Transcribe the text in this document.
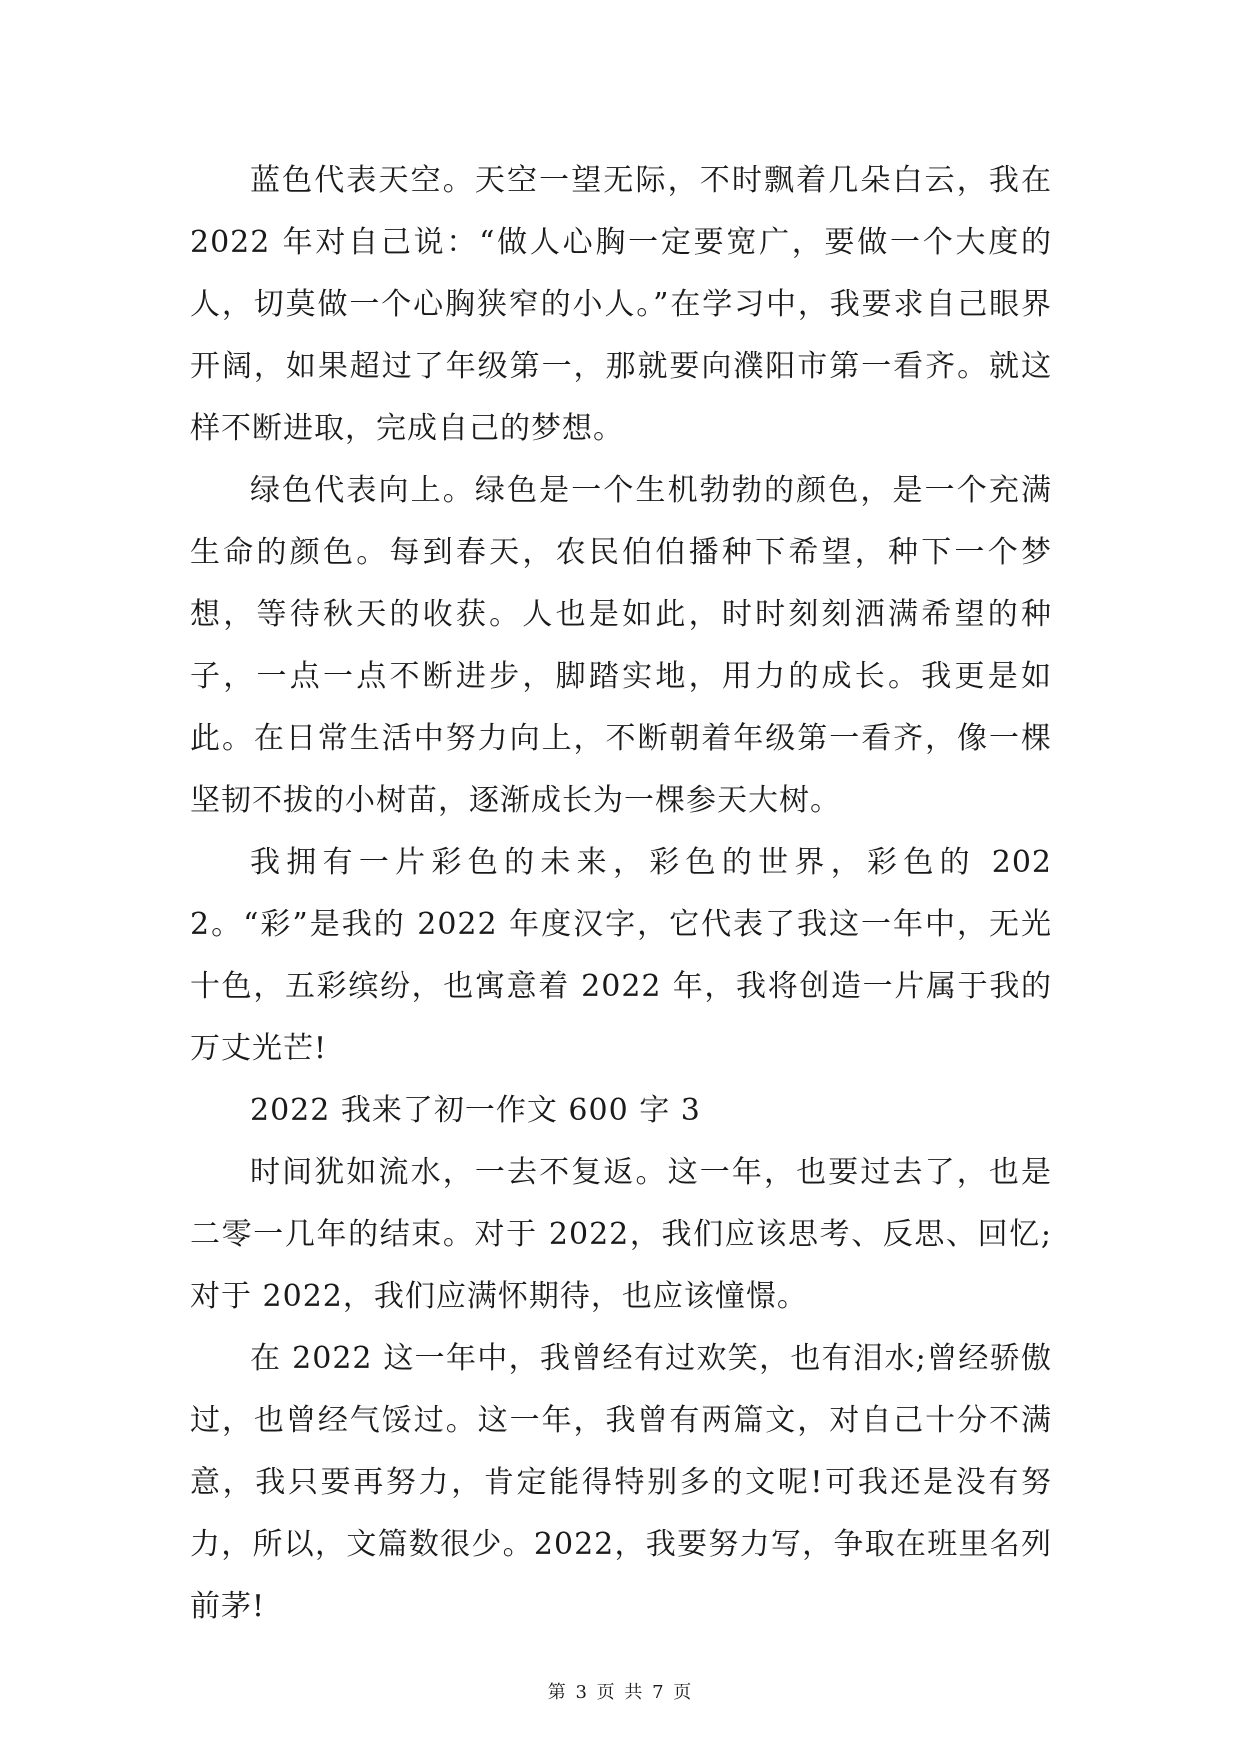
蓝色代表天空。天空一望无际，不时飘着几朵白云，我在 2022 年对自己说：“做人心胸一定要宽广，要做一个大度的人，切莫做一个心胸狭窄的小人。”在学习中，我要求自己眼界开阔，如果超过了年级第一，那就要向濮阳市第一看齐。就这样不断进取，完成自己的梦想。

绿色代表向上。绿色是一个生机勃勃的颜色，是一个充满生命的颜色。每到春天，农民伯伯播种下希望，种下一个梦想，等待秋天的收获。人也是如此，时时刻刻洒满希望的种子，一点一点不断进步，脚踏实地，用力的成长。我更是如此。在日常生活中努力向上，不断朝着年级第一看齐，像一棵坚韧不拔的小树苗，逐渐成长为一棵参天大树。

我拥有一片彩色的未来，彩色的世界，彩色的 2022。“彩”是我的 2022 年度汉字，它代表了我这一年中，无光十色，五彩缤纷，也寓意着 2022 年，我将创造一片属于我的万丈光芒!

2022 我来了初一作文 600 字 3

时间犹如流水，一去不复返。这一年，也要过去了，也是二零一几年的结束。对于 2022，我们应该思考、反思、回忆;对于 2022，我们应满怀期待，也应该憧憬。

在 2022 这一年中，我曾经有过欢笑，也有泪水;曾经骄傲过，也曾经气馁过。这一年，我曾有两篇文，对自己十分不满意，我只要再努力，肯定能得特别多的文呢!可我还是没有努力，所以，文篇数很少。2022，我要努力写，争取在班里名列前茅!

第 3 页 共 7 页
